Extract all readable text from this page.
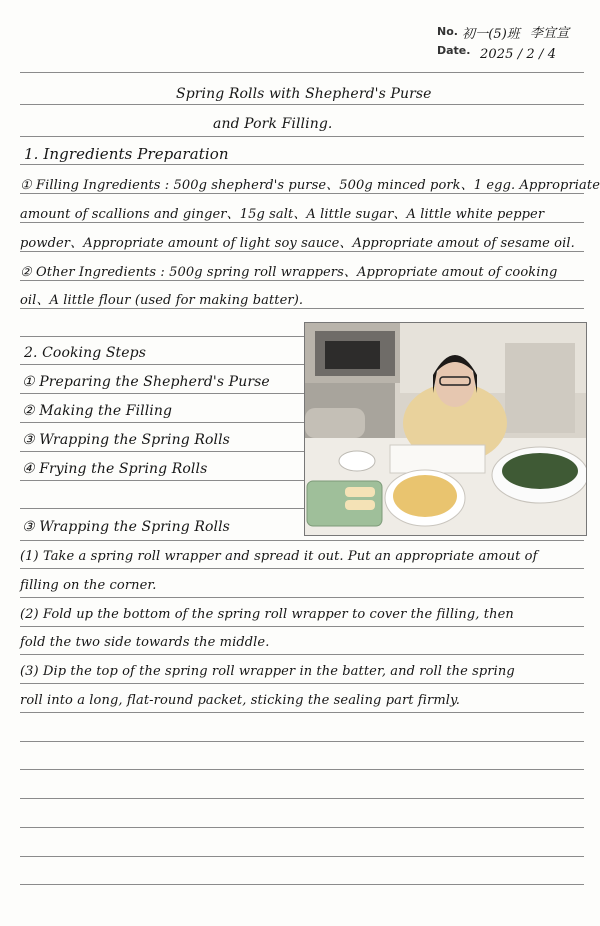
No. 初一(5)班 李宜宣
Date. 2025 / 2 / 4
Spring Rolls with Shepherd's Purse
and Pork Filling.
1. Ingredients Preparation
① Filling Ingredients : 500g shepherd's purse、500g minced pork、1 egg. Appropriate
amount of scallions and ginger、15g salt、A little sugar、A little white pepper
powder、Appropriate amount of light soy sauce、Appropriate amout of sesame oil.
② Other Ingredients : 500g spring roll wrappers、Appropriate amout of cooking
oil、A little flour (used for making batter).
2. Cooking Steps
① Preparing the Shepherd's Purse
② Making the Filling
③ Wrapping the Spring Rolls
④ Frying the Spring Rolls
③ Wrapping the Spring Rolls
(1) Take a spring roll wrapper and spread it out. Put an appropriate amout of
filling on the corner.
(2) Fold up the bottom of the spring roll wrapper to cover the filling, then
fold the two side towards the middle.
(3) Dip the top of the spring roll wrapper in the batter, and roll the spring
roll into a long, flat-round packet, sticking the sealing part firmly.
